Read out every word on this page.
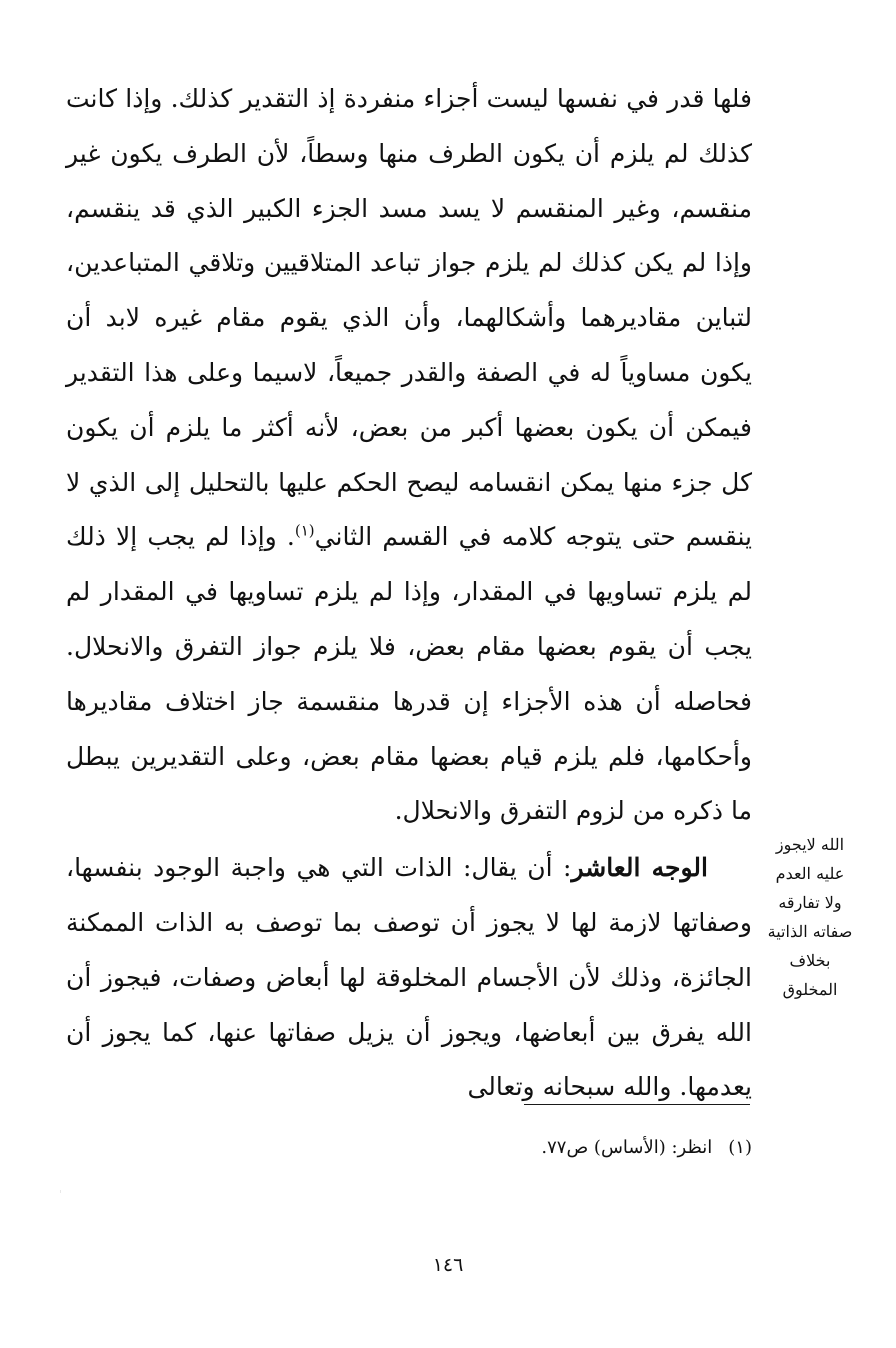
فلها قدر في نفسها ليست أجزاء منفردة إذ التقدير كذلك. وإذا كانت كذلك لم يلزم أن يكون الطرف منها وسطاً، لأن الطرف يكون غير منقسم، وغير المنقسم لا يسد مسد الجزء الكبير الذي قد ينقسم، وإذا لم يكن كذلك لم يلزم جواز تباعد المتلاقيين وتلاقي المتباعدين، لتباين مقاديرهما وأشكالهما، وأن الذي يقوم مقام غيره لابد أن يكون مساوياً له في الصفة والقدر جميعاً، لاسيما وعلى هذا التقدير فيمكن أن يكون بعضها أكبر من بعض، لأنه أكثر ما يلزم أن يكون كل جزء منها يمكن انقسامه ليصح الحكم عليها بالتحليل إلى الذي لا ينقسم حتى يتوجه كلامه في القسم الثاني$^{(١)}$. وإذا لم يجب إلا ذلك لم يلزم تساويها في المقدار، وإذا لم يلزم تساويها في المقدار لم يجب أن يقوم بعضها مقام بعض، فلا يلزم جواز التفرق والانحلال. فحاصله أن هذه الأجزاء إن قدرها منقسمة جاز اختلاف مقاديرها وأحكامها، فلم يلزم قيام بعضها مقام بعض، وعلى التقديرين يبطل ما ذكره من لزوم التفرق والانحلال.

الوجه العاشر: أن يقال: الذات التي هي واجبة الوجود بنفسها، وصفاتها لازمة لها لا يجوز أن توصف بما توصف به الذات الممكنة الجائزة، وذلك لأن الأجسام المخلوقة لها أبعاض وصفات، فيجوز أن الله يفرق بين أبعاضها، ويجوز أن يزيل صفاتها عنها، كما يجوز أن يعدمها. والله سبحانه وتعالى

الله لايجوز
عليه العدم
ولا تفارقه
صفاته الذاتية
بخلاف
المخلوق
(١)انظر: (الأساس) ص٧٧.
١٤٦
